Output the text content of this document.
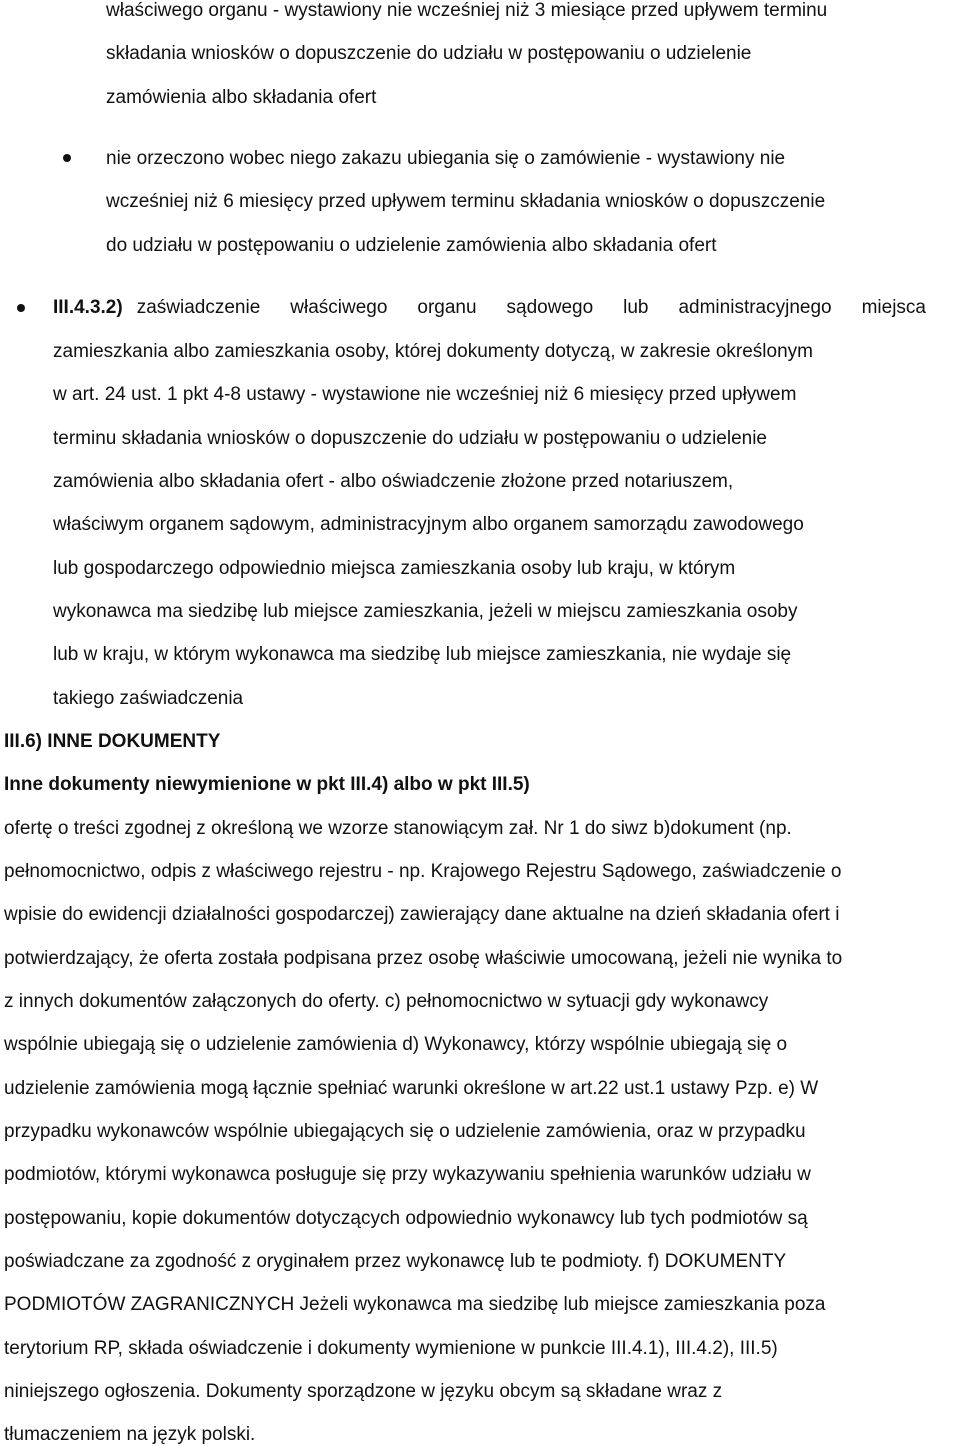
właściwego organu - wystawiony nie wcześniej niż 3 miesiące przed upływem terminu
składania wniosków o dopuszczenie do udziału w postępowaniu o udzielenie
zamówienia albo składania ofert
nie orzeczono wobec niego zakazu ubiegania się o zamówienie - wystawiony nie
wcześniej niż 6 miesięcy przed upływem terminu składania wniosków o dopuszczenie
do udziału w postępowaniu o udzielenie zamówienia albo składania ofert
III.4.3.2) zaświadczenie właściwego organu sądowego lub administracyjnego miejsca
zamieszkania albo zamieszkania osoby, której dokumenty dotyczą, w zakresie określonym
w art. 24 ust. 1 pkt 4-8 ustawy - wystawione nie wcześniej niż 6 miesięcy przed upływem
terminu składania wniosków o dopuszczenie do udziału w postępowaniu o udzielenie
zamówienia albo składania ofert - albo oświadczenie złożone przed notariuszem,
właściwym organem sądowym, administracyjnym albo organem samorządu zawodowego
lub gospodarczego odpowiednio miejsca zamieszkania osoby lub kraju, w którym
wykonawca ma siedzibę lub miejsce zamieszkania, jeżeli w miejscu zamieszkania osoby
lub w kraju, w którym wykonawca ma siedzibę lub miejsce zamieszkania, nie wydaje się
takiego zaświadczenia
III.6) INNE DOKUMENTY
Inne dokumenty niewymienione w pkt III.4) albo w pkt III.5)
ofertę o treści zgodnej z określoną we wzorze stanowiącym zał. Nr 1 do siwz b)dokument (np.
pełnomocnictwo, odpis z właściwego rejestru - np. Krajowego Rejestru Sądowego, zaświadczenie o
wpisie do ewidencji działalności gospodarczej) zawierający dane aktualne na dzień składania ofert i
potwierdzający, że oferta została podpisana przez osobę właściwie umocowaną, jeżeli nie wynika to
z innych dokumentów załączonych do oferty. c) pełnomocnictwo w sytuacji gdy wykonawcy
wspólnie ubiegają się o udzielenie zamówienia d) Wykonawcy, którzy wspólnie ubiegają się o
udzielenie zamówienia mogą łącznie spełniać warunki określone w art.22 ust.1 ustawy Pzp. e) W
przypadku wykonawców wspólnie ubiegających się o udzielenie zamówienia, oraz w przypadku
podmiotów, którymi wykonawca posługuje się przy wykazywaniu spełnienia warunków udziału w
postępowaniu, kopie dokumentów dotyczących odpowiednio wykonawcy lub tych podmiotów są
poświadczane za zgodność z oryginałem przez wykonawcę lub te podmioty. f) DOKUMENTY
PODMIOTÓW ZAGRANICZNYCH Jeżeli wykonawca ma siedzibę lub miejsce zamieszkania poza
terytorium RP, składa oświadczenie i dokumenty wymienione w punkcie III.4.1), III.4.2), III.5)
niniejszego ogłoszenia. Dokumenty sporządzone w języku obcym są składane wraz z
tłumaczeniem na język polski.
